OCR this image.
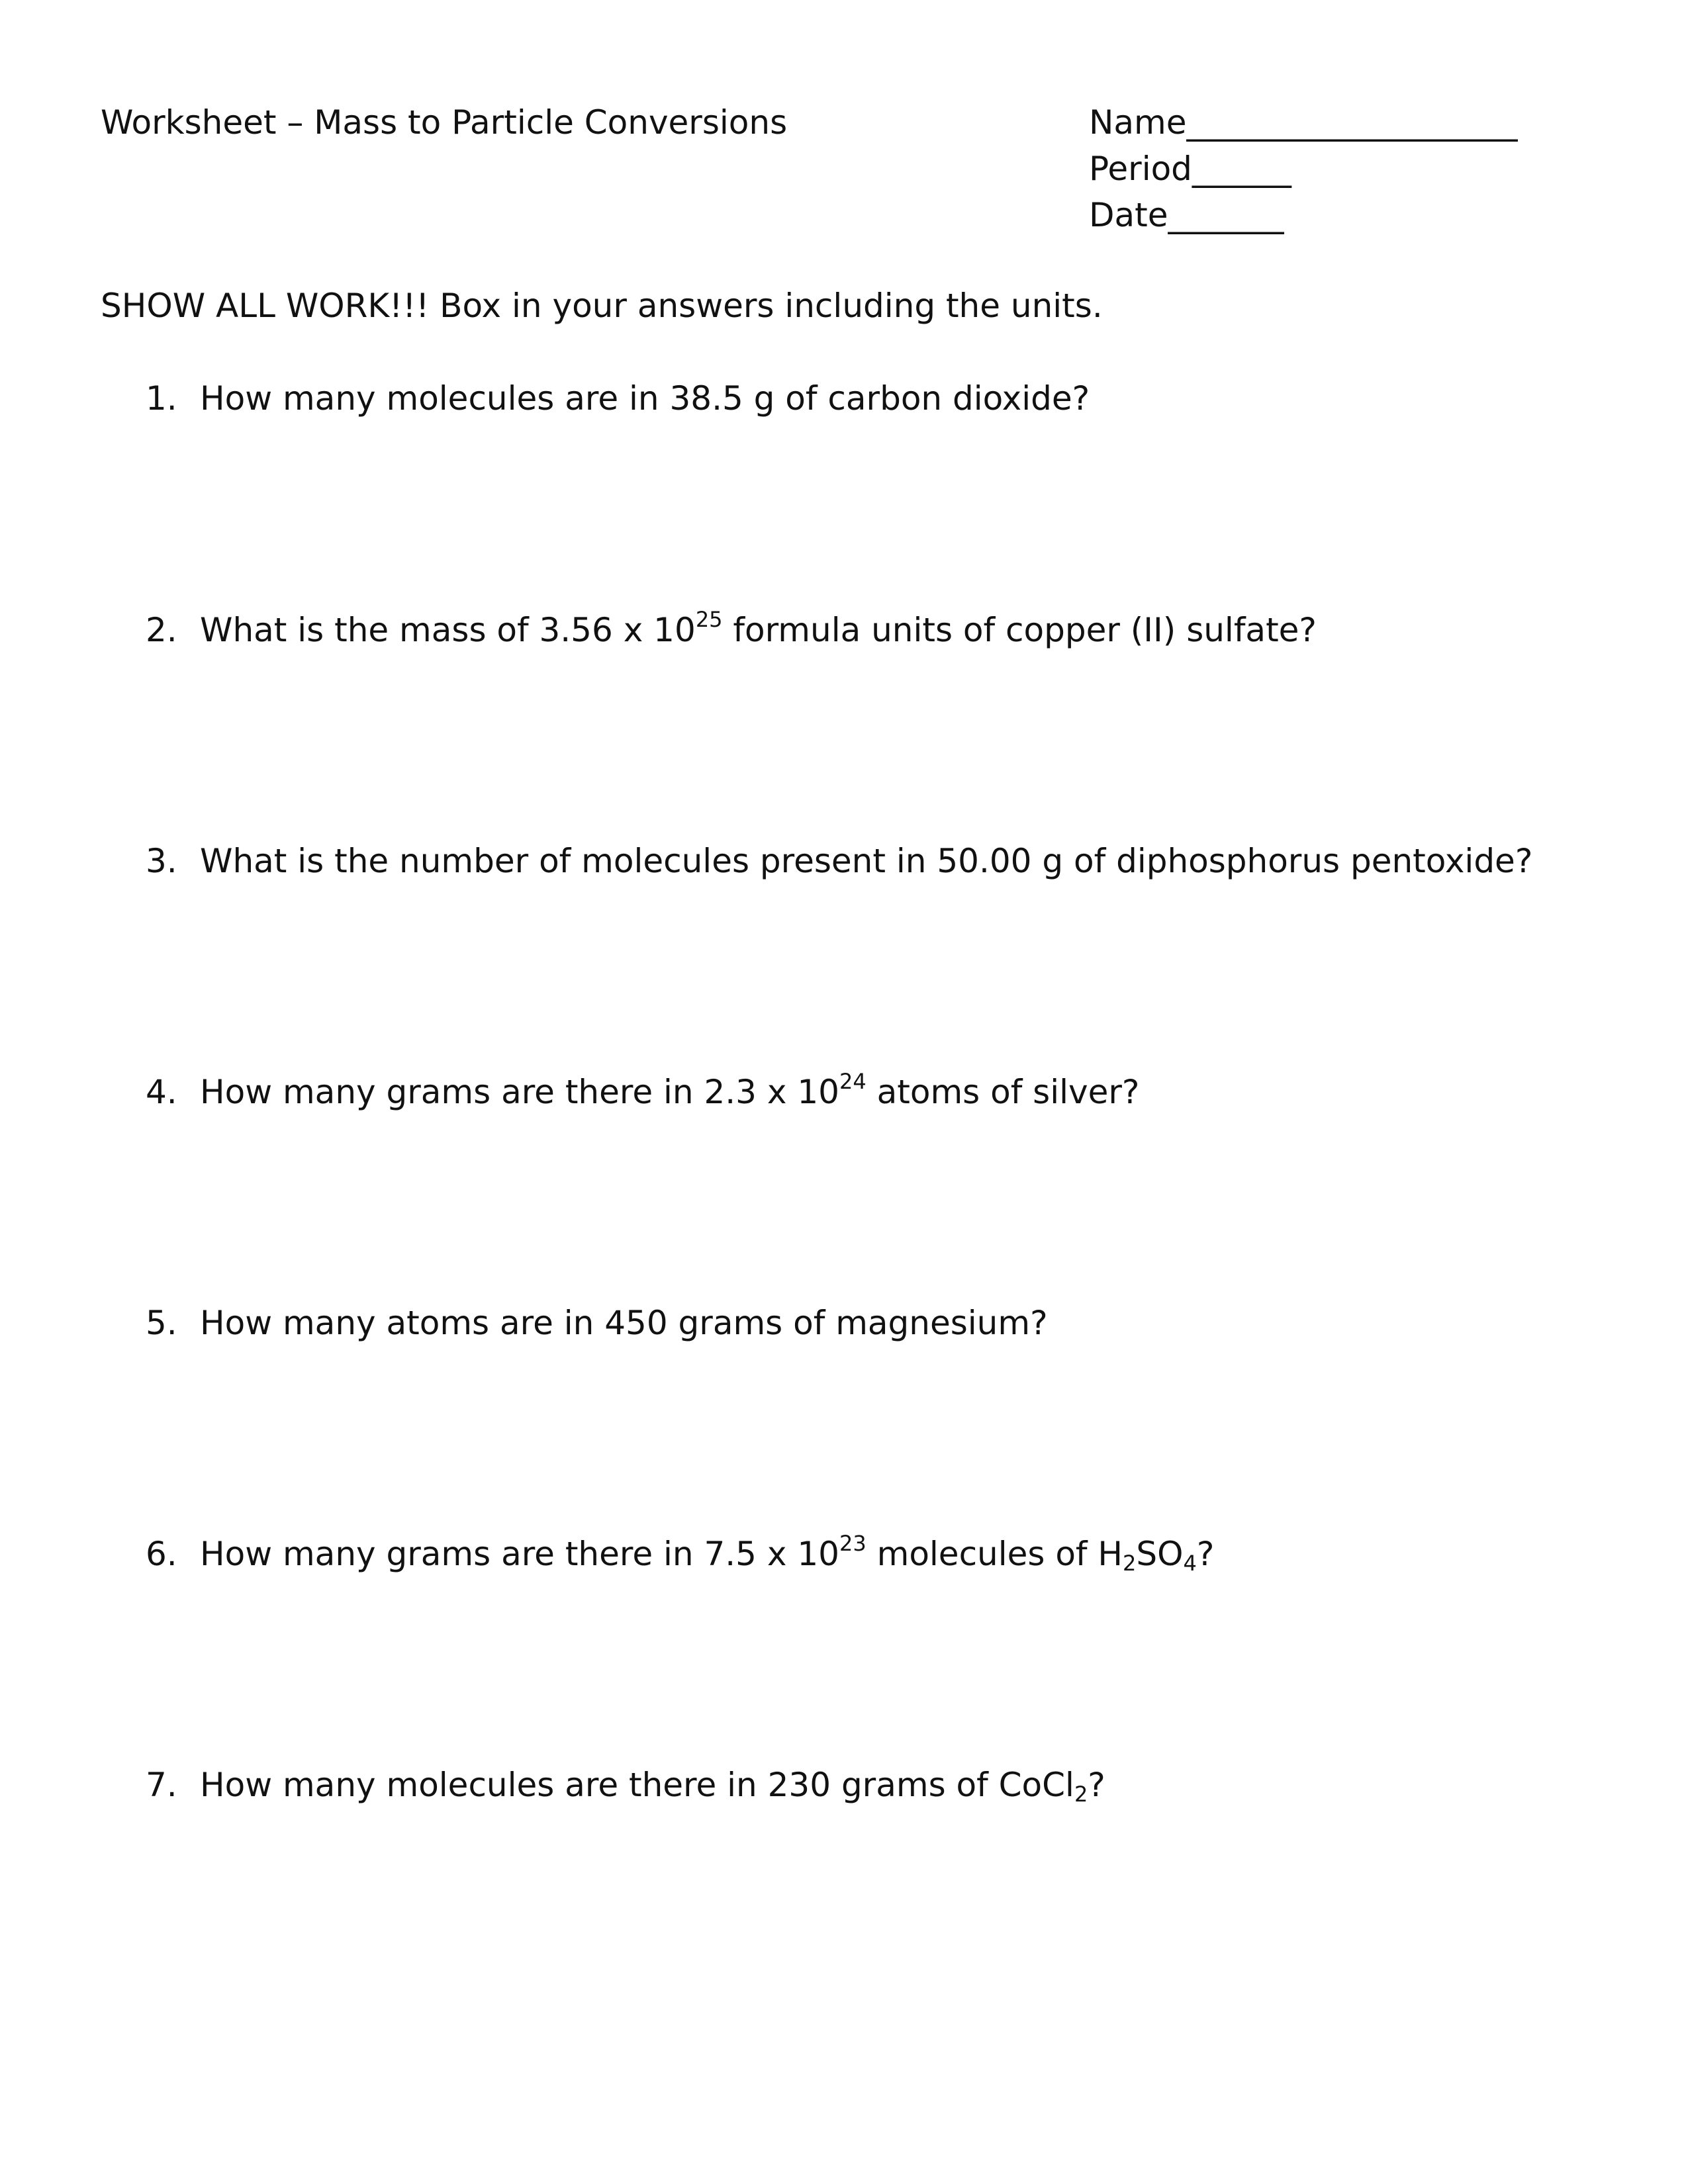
Worksheet – Mass to Particle Conversions	Name____________________
Period______
Date_______
SHOW ALL WORK!!! Box in your answers including the units.
1. How many molecules are in 38.5 g of carbon dioxide?
2. What is the mass of 3.56 x $10^{25}$ formula units of copper (II) sulfate?
3. What is the number of molecules present in 50.00 g of diphosphorus pentoxide?
4. How many grams are there in 2.3 x $10^{24}$ atoms of silver?
5. How many atoms are in 450 grams of magnesium?
6. How many grams are there in 7.5 x $10^{23}$ molecules of $H_2SO_4$?
7. How many molecules are there in 230 grams of CoCl$_2$?
